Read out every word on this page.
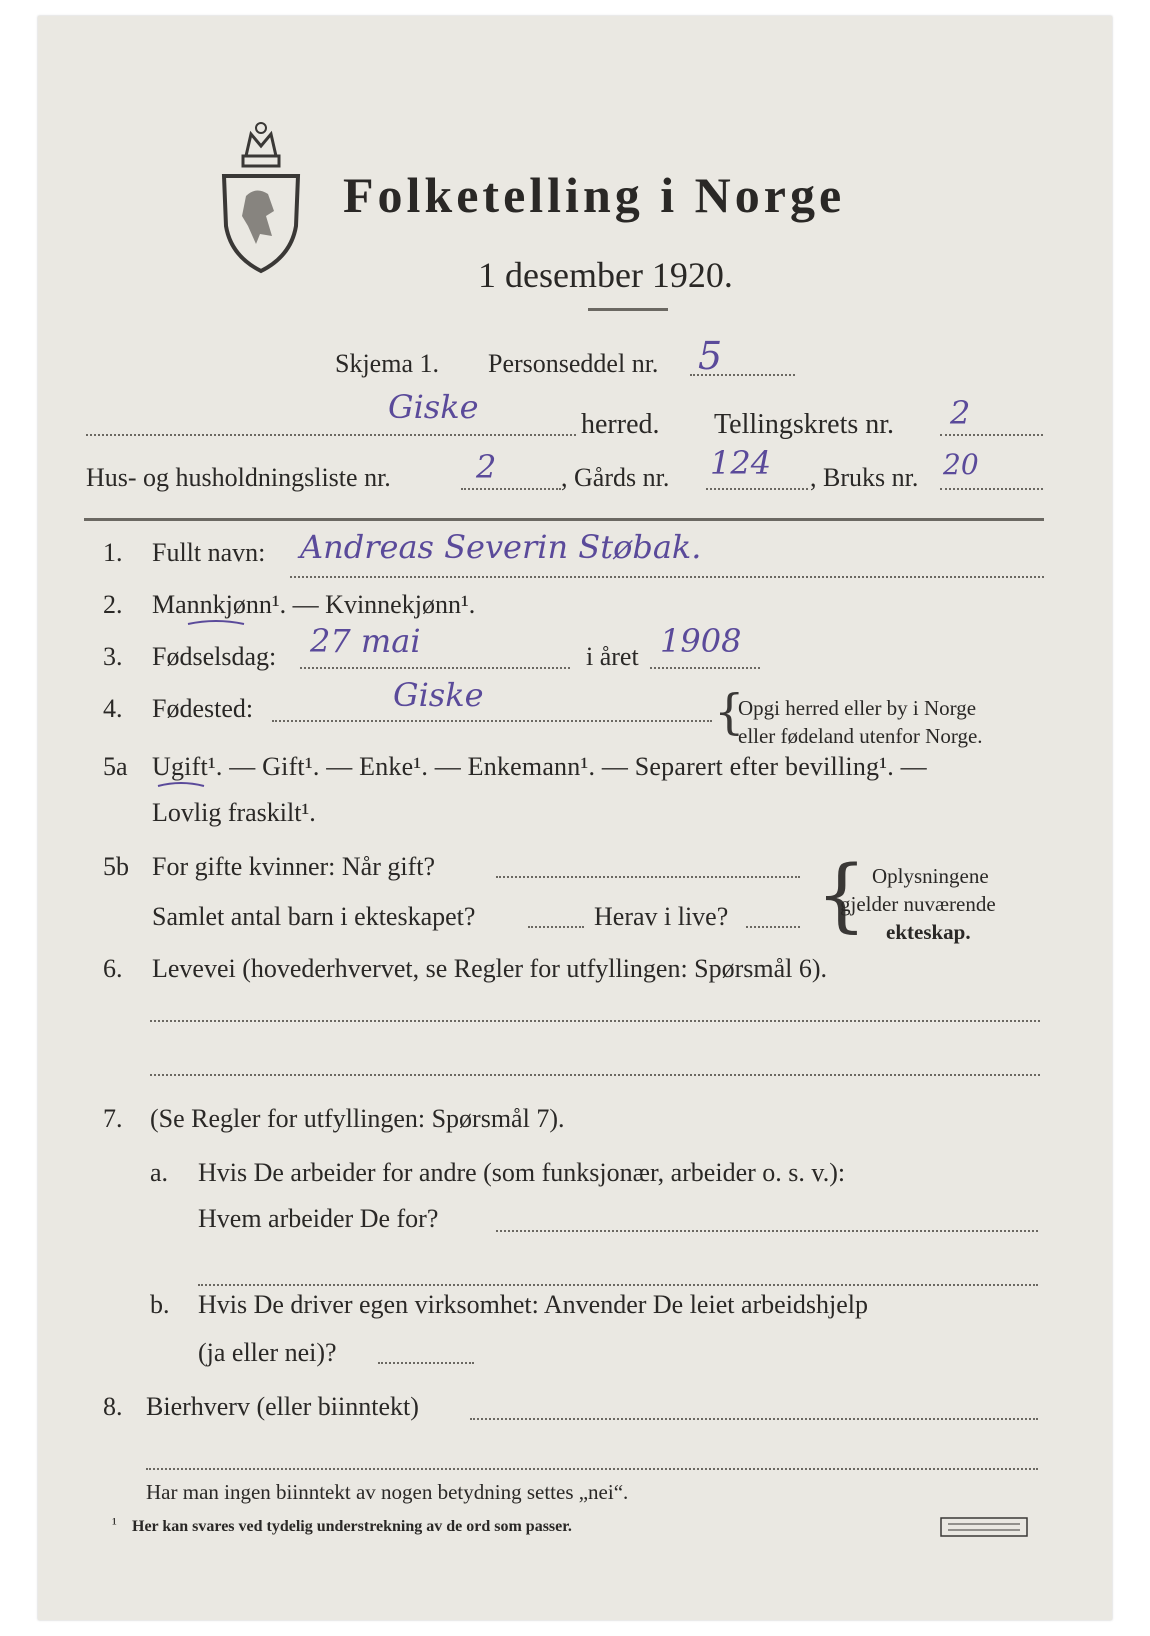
Folketelling i Norge
1 desember 1920.
Skjema 1. Personseddel nr. 5
Giske	herred. Tellingskrets nr. 2
Hus- og husholdningsliste nr.	2 , Gårds nr. 124 , Bruks nr. 20
1. Fullt navn: Andreas Severin Støbak.
2. Mannkjønn¹. — Kvinnekjønn¹.
3. Fødselsdag: 27 mai	i året 1908
4. Fødested:	Giske	{
Opgi herred eller by i Norge
eller fødeland utenfor Norge.
5a Ugift¹. — Gift¹. — Enke¹. — Enkemann¹. — Separert efter bevilling¹. —
Lovlig fraskilt¹.
5b For gifte kvinner: Når gift?
Samlet antal barn i ekteskapet?	Herav i live? { Oplysningene
gjelder nuværende
ekteskap.
6. Levevei (hovederhvervet, se Regler for utfyllingen: Spørsmål 6).
7. (Se Regler for utfyllingen: Spørsmål 7).
a. Hvis De arbeider for andre (som funksjonær, arbeider o. s. v.):
Hvem arbeider De for?
b. Hvis De driver egen virksomhet: Anvender De leiet arbeidshjelp
(ja eller nei)?
8. Bierhverv (eller biinntekt)
Har man ingen biinntekt av nogen betydning settes „nei“.
¹ Her kan svares ved tydelig understrekning av de ord som passer.
